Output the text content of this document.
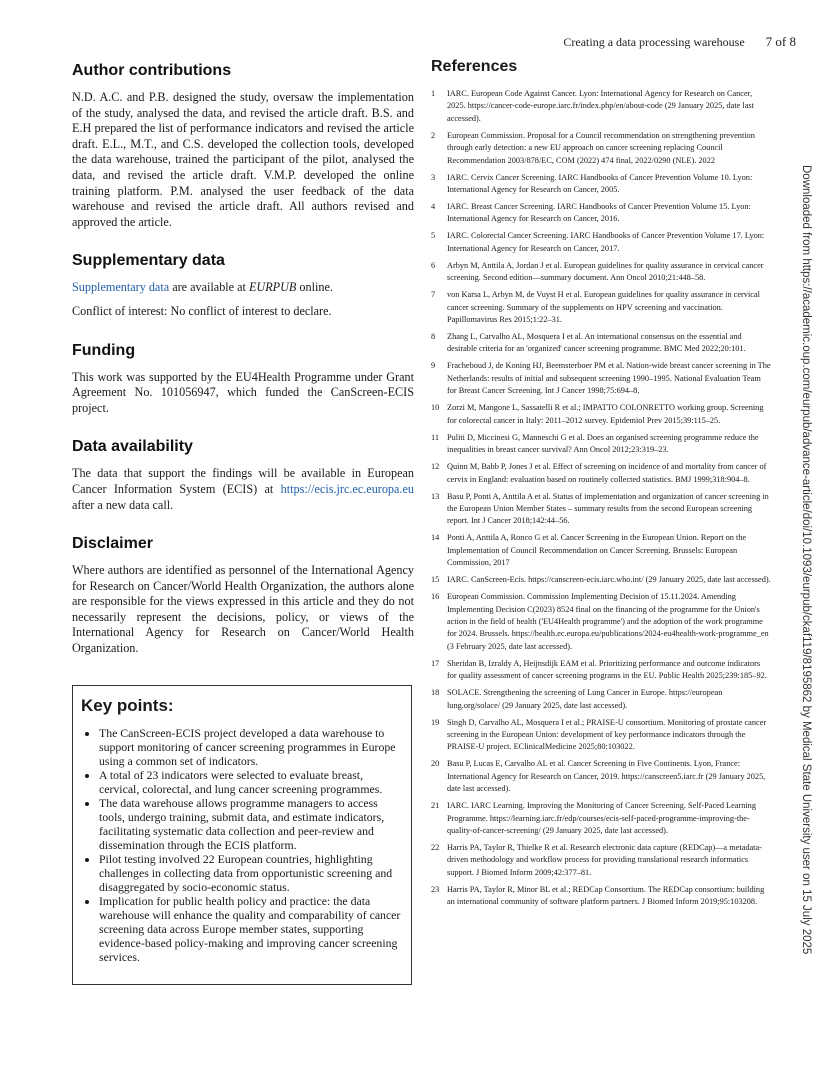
Creating a data processing warehouse 7 of 8
Downloaded from https://academic.oup.com/eurpub/advance-article/doi/10.1093/eurpub/ckaf119/8195862 by Medical State University user on 15 July 2025
Author contributions

N.D. A.C. and P.B. designed the study, oversaw the implementation of the study, analysed the data, and revised the article draft. B.S. and E.H prepared the list of performance indicators and revised the article draft. E.L., M.T., and C.S. developed the collection tools, developed the data warehouse, trained the participant of the pilot, analysed the data, and revised the article draft. V.M.P. developed the online training platform. P.M. analysed the user feedback of the data warehouse and revised the article draft. All authors revised and approved the article.

Supplementary data

Supplementary data are available at EURPUB online.

Conflict of interest: No conflict of interest to declare.

Funding

This work was supported by the EU4Health Programme under Grant Agreement No. 101056947, which funded the CanScreen-ECIS project.

Data availability

The data that support the findings will be available in European Cancer Information System (ECIS) at https://ecis.jrc.ec.europa.eu after a new data call.

Disclaimer

Where authors are identified as personnel of the International Agency for Research on Cancer/World Health Organization, the authors alone are responsible for the views expressed in this article and they do not necessarily represent the decisions, policy, or views of the International Agency for Research on Cancer/World Health Organization.

Key points:
• The CanScreen-ECIS project developed a data warehouse to support monitoring of cancer screening programmes in Europe using a common set of indicators.
• A total of 23 indicators were selected to evaluate breast, cervical, colorectal, and lung cancer screening programmes.
• The data warehouse allows programme managers to access tools, undergo training, submit data, and estimate indicators, facilitating systematic data collection and peer-review and dissemination through the ECIS platform.
• Pilot testing involved 22 European countries, highlighting challenges in collecting data from opportunistic screening and disaggregated by socio-economic status.
• Implication for public health policy and practice: the data warehouse will enhance the quality and comparability of cancer screening data across Europe member states, supporting evidence-based policy-making and improving cancer screening services.
References
1 IARC. European Code Against Cancer. Lyon: International Agency for Research on Cancer, 2025. https://cancer-code-europe.iarc.fr/index.php/en/about-code (29 January 2025, date last accessed).
2 European Commission. Proposal for a Council recommendation on strengthening prevention through early detection: a new EU approach on cancer screening replacing Council Recommendation 2003/878/EC, COM (2022) 474 final, 2022/0290 (NLE). 2022
3 IARC. Cervix Cancer Screening. IARC Handbooks of Cancer Prevention Volume 10. Lyon: International Agency for Research on Cancer, 2005.
4 IARC. Breast Cancer Screening. IARC Handbooks of Cancer Prevention Volume 15. Lyon: International Agency for Research on Cancer, 2016.
5 IARC. Colorectal Cancer Screening. IARC Handbooks of Cancer Prevention Volume 17. Lyon: International Agency for Research on Cancer, 2017.
6 Arbyn M, Anttila A, Jordan J et al. European guidelines for quality assurance in cervical cancer screening. Second edition—summary document. Ann Oncol 2010;21:448–58.
7 von Karsa L, Arbyn M, de Vuyst H et al. European guidelines for quality assurance in cervical cancer screening. Summary of the supplements on HPV screening and vaccination. Papillomavirus Res 2015;1:22–31.
8 Zhang L, Carvalho AL, Mosquera I et al. An international consensus on the essential and desirable criteria for an 'organized' cancer screening programme. BMC Med 2022;20:101.
9 Fracheboud J, de Koning HJ, Beemsterboer PM et al. Nation-wide breast cancer screening in The Netherlands: results of initial and subsequent screening 1990–1995. National Evaluation Team for Breast Cancer Screening. Int J Cancer 1998;75:694–8.
10 Zorzi M, Mangone L, Sassatelli R et al.; IMPATTO COLONRETTO working group. Screening for colorectal cancer in Italy: 2011–2012 survey. Epidemiol Prev 2015;39:115–25.
11 Puliti D, Miccinesi G, Manneschi G et al. Does an organised screening programme reduce the inequalities in breast cancer survival? Ann Oncol 2012;23:319–23.
12 Quinn M, Babb P, Jones J et al. Effect of screening on incidence of and mortality from cancer of cervix in England: evaluation based on routinely collected statistics. BMJ 1999;318:904–8.
13 Basu P, Ponti A, Anttila A et al. Status of implementation and organization of cancer screening in the European Union Member States – summary results from the second European screening report. Int J Cancer 2018;142:44–56.
14 Ponti A, Anttila A, Ronco G et al. Cancer Screening in the European Union. Report on the Implementation of Council Recommendation on Cancer Screening. Brussels: European Commission, 2017
15 IARC. CanScreen-Ecis. https://canscreen-ecis.iarc.who.int/ (29 January 2025, date last accessed).
16 European Commission. Commission Implementing Decision of 15.11.2024. Amending Implementing Decision C(2023) 8524 final on the financing of the programme for the Union's action in the field of health ('EU4Health programme') and the adoption of the work programme for 2024. Brussels. https://health.ec.europa.eu/publications/2024-eu4health-work-programme_en (3 February 2025, date last accessed).
17 Sheridan B, Izraldy A, Heijnsdijk EAM et al. Prioritizing performance and outcome indicators for quality assessment of cancer screening programs in the EU. Public Health 2025;239:185–92.
18 SOLACE. Strengthening the screening of Lung Cancer in Europe. https://european lung.org/solace/ (29 January 2025, date last accessed).
19 Singh D, Carvalho AL, Mosquera I et al.; PRAISE-U consortium. Monitoring of prostate cancer screening in the European Union: development of key performance indicators through the PRAISE-U project. EClinicalMedicine 2025;80:103022.
20 Basu P, Lucas E, Carvalho AL et al. Cancer Screening in Five Continents. Lyon, France: International Agency for Research on Cancer, 2019. https://canscreen5.iarc.fr (29 January 2025, date last accessed).
21 IARC. IARC Learning. Improving the Monitoring of Cancer Screening. Self-Paced Learning Programme. https://learning.iarc.fr/edp/courses/ecis-self-paced-programme-improving-the-quality-of-cancer-screening/ (29 January 2025, date last accessed).
22 Harris PA, Taylor R, Thielke R et al. Research electronic data capture (REDCap)—a metadata-driven methodology and workflow process for providing translational research informatics support. J Biomed Inform 2009;42:377–81.
23 Harris PA, Taylor R, Minor BL et al.; REDCap Consortium. The REDCap consortium: building an international community of software platform partners. J Biomed Inform 2019;95:103208.
